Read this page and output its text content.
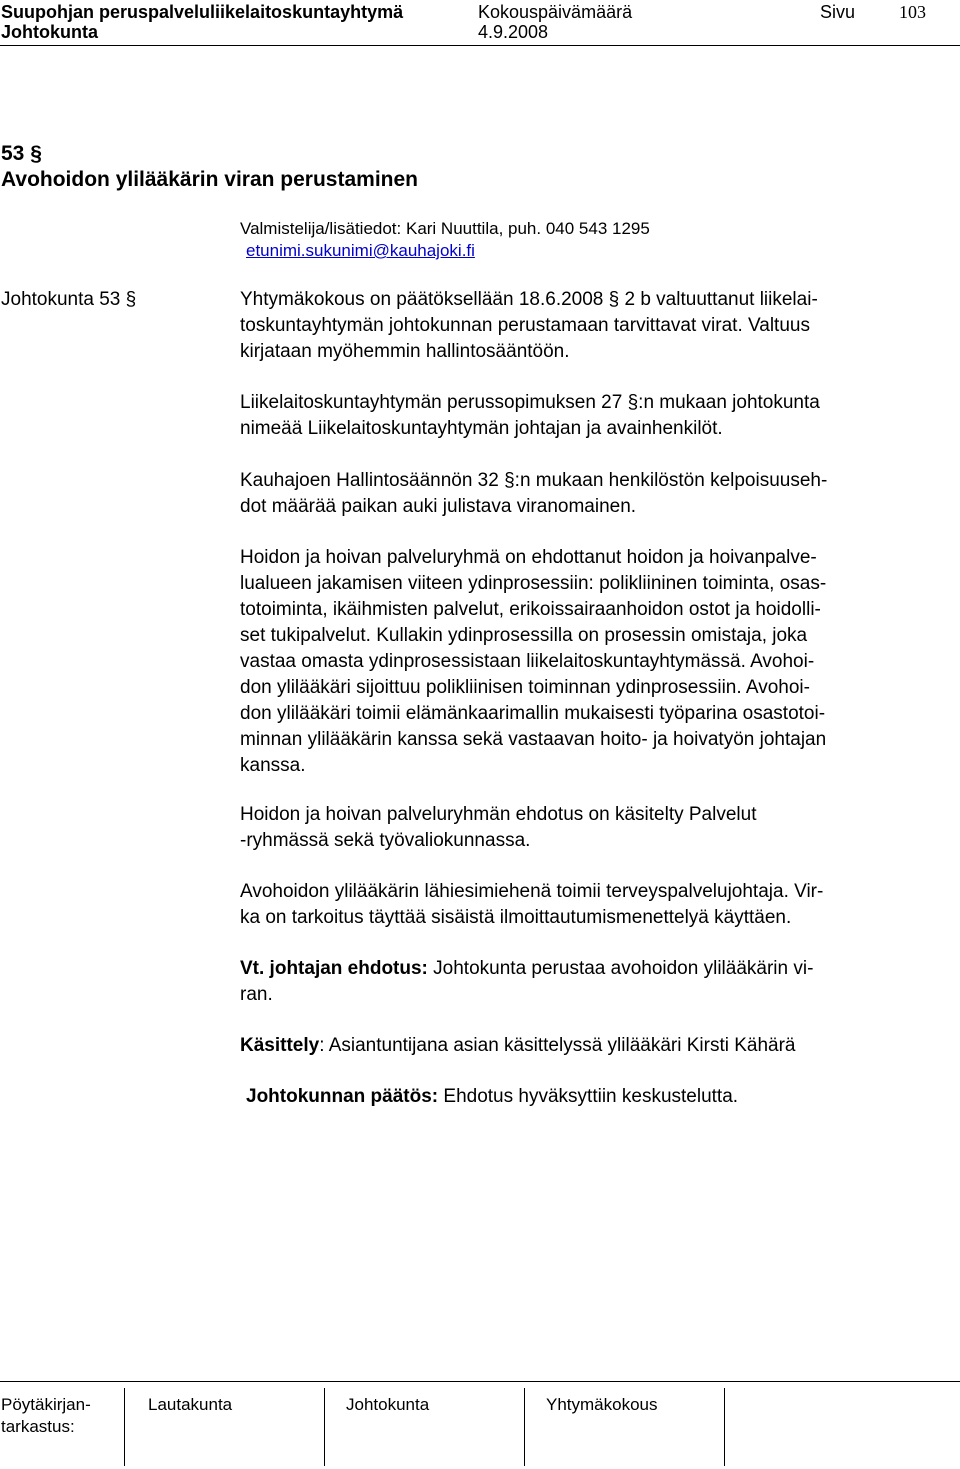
Suupohjan peruspalveluliikelaitoskuntayhtymä	Kokouspäivämäärä	Sivu 103
Johtokunta	4.9.2008
53 §
Avohoidon ylilääkärin viran perustaminen
Valmistelija/lisätiedot: Kari Nuuttila, puh. 040 543 1295
etunimi.sukunimi@kauhajoki.fi
Johtokunta 53 §	Yhtymäkokous on päätöksellään 18.6.2008 § 2 b valtuuttanut liikelai-

toskuntayhtymän johtokunnan perustamaan tarvittavat virat. Valtuus

kirjataan myöhemmin hallintosääntöön.

Liikelaitoskuntayhtymän perussopimuksen 27 §:n mukaan johtokunta

nimeää Liikelaitoskuntayhtymän johtajan ja avainhenkilöt.

Kauhajoen Hallintosäännön 32 §:n mukaan henkilöstön kelpoisuuseh-

dot määrää paikan auki julistava viranomainen.

Hoidon ja hoivan palveluryhmä on ehdottanut hoidon ja hoivanpalve-

lualueen jakamisen viiteen ydinprosessiin: polikliininen toiminta, osas-

totoiminta, ikäihmisten palvelut, erikoissairaanhoidon ostot ja hoidolli-

set tukipalvelut. Kullakin ydinprosessilla on prosessin omistaja, joka

vastaa omasta ydinprosessistaan liikelaitoskuntayhtymässä. Avohoi-

don ylilääkäri sijoittuu polikliinisen toiminnan ydinprosessiin. Avohoi-

don ylilääkäri toimii elämänkaarimallin mukaisesti työparina osastotoi-

minnan ylilääkärin kanssa sekä vastaavan hoito- ja hoivatyön johtajan

kanssa.

Hoidon ja hoivan palveluryhmän ehdotus on käsitelty Palvelut

-ryhmässä sekä työvaliokunnassa.

Avohoidon ylilääkärin lähiesimiehenä toimii terveyspalvelujohtaja. Vir-

ka on tarkoitus täyttää sisäistä ilmoittautumismenettelyä käyttäen.

Vt. johtajan ehdotus: Johtokunta perustaa avohoidon ylilääkärin vi-

ran.

Käsittely: Asiantuntijana asian käsittelyssä ylilääkäri Kirsti Kähärä

Johtokunnan päätös: Ehdotus hyväksyttiin keskustelutta.

Pöytäkirjan-
tarkastus:
Lautakunta	Johtokunta	Yhtymäkokous
